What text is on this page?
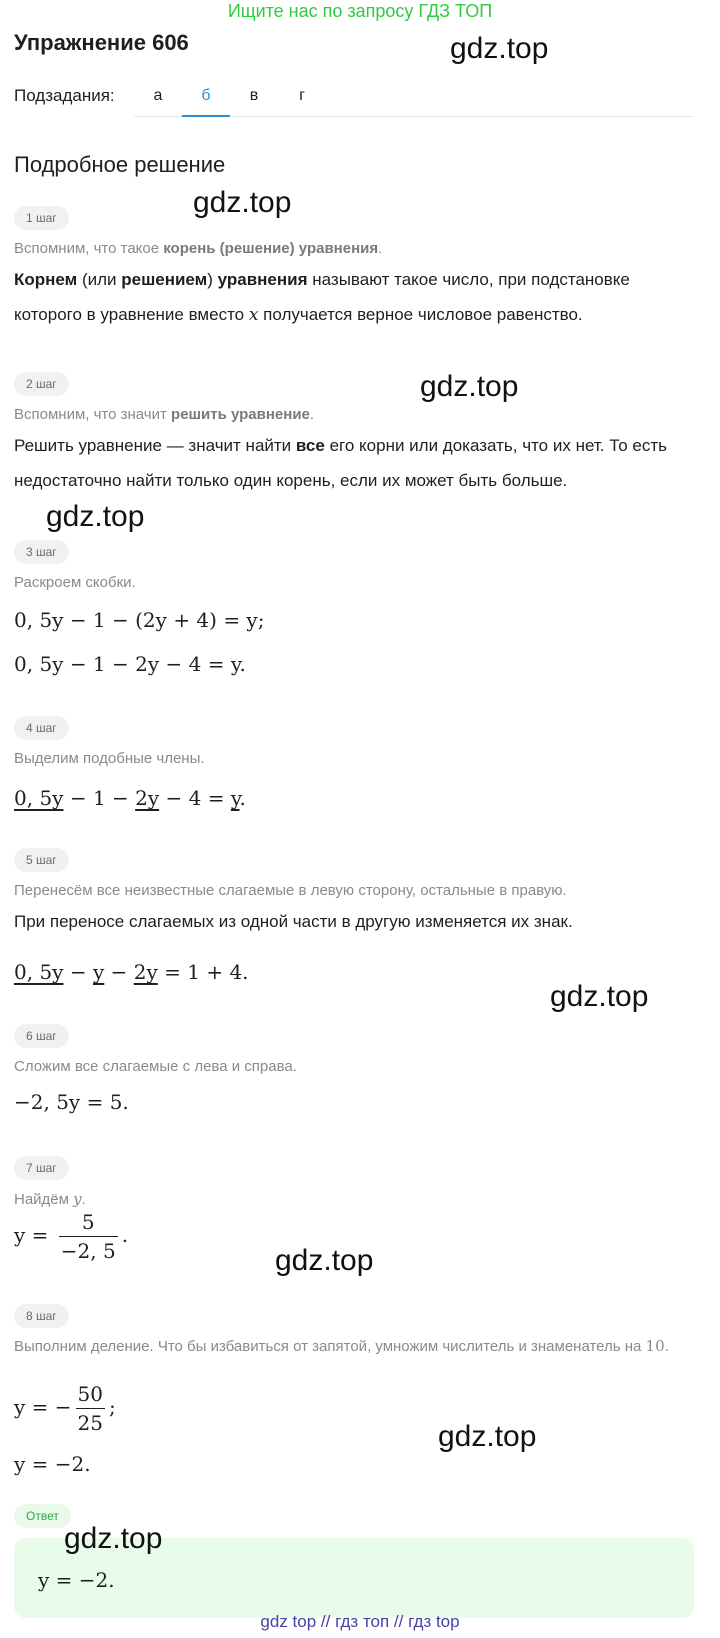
Ищите нас по запросу ГДЗ ТОП
Упражнение 606	gdz.top
Подзадания:	а	б	в	г
Подробное решение
1 шаг	gdz.top
Вспомним, что такое корень (решение) уравнения.
Корнем (или решением) уравнения называют такое число, при подстановке которого в уравнение вместо x получается верное числовое равенство.
2 шаг	gdz.top
Вспомним, что значит решить уравнение.
Решить уравнение — значит найти все его корни или доказать, что их нет. То есть недостаточно найти только один корень, если их может быть больше.
gdz.top
3 шаг
Раскроем скобки.
0, 5y − 1 − (2y + 4) = y;
0, 5y − 1 − 2y − 4 = y.
4 шаг
Выделим подобные члены.
0, 5y − 1 − 2y − 4 = y.
5 шаг
Перенесём все неизвестные слагаемые в левую сторону, остальные в правую.
При переносе слагаемых из одной части в другую изменяется их знак.
0, 5y − y − 2y = 1 + 4.
gdz.top
6 шаг
Сложим все слагаемые с лева и справа.
−2, 5y = 5.
7 шаг
Найдём y.
$y = \frac{5}{-2, 5}$ .
gdz.top
8 шаг
Выполним деление. Что бы избавиться от запятой, умножим числитель и знаменатель на 10.
y = − $\frac{50}{25}$ ;
y = −2.
gdz.top
Ответ
gdz.top
y = −2.
gdz top // гдз топ // гдз top
